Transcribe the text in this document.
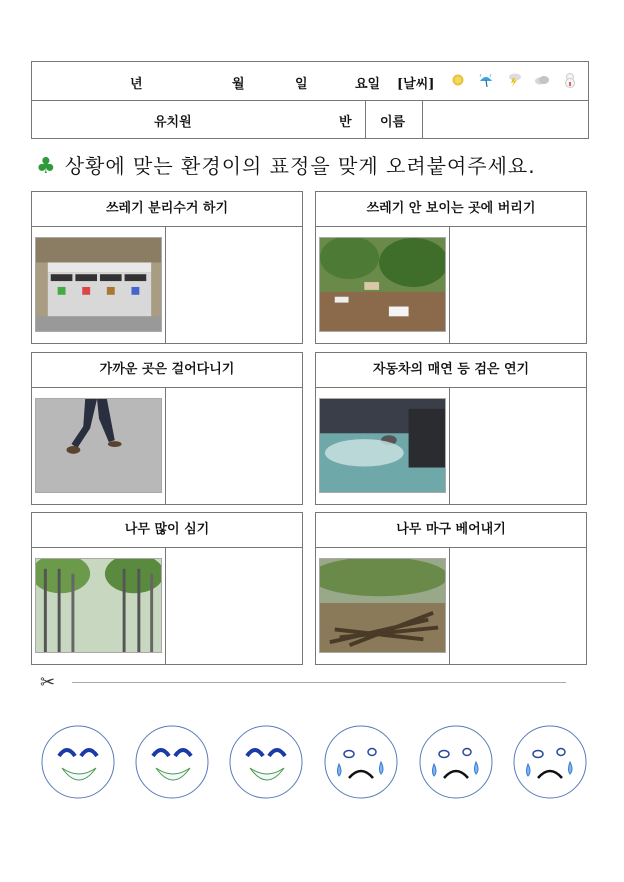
년	월	일	요일 [날씨]
유치원	반 이름
♣ 상황에 맞는 환경이의 표정을 맞게 오려붙여주세요.
쓰레기 분리수거 하기	쓰레기 안 보이는 곳에 버리기
가까운 곳은 걸어다니기	자동차의 매연 등 검은 연기
나무 많이 심기	나무 마구 베어내기
✂
